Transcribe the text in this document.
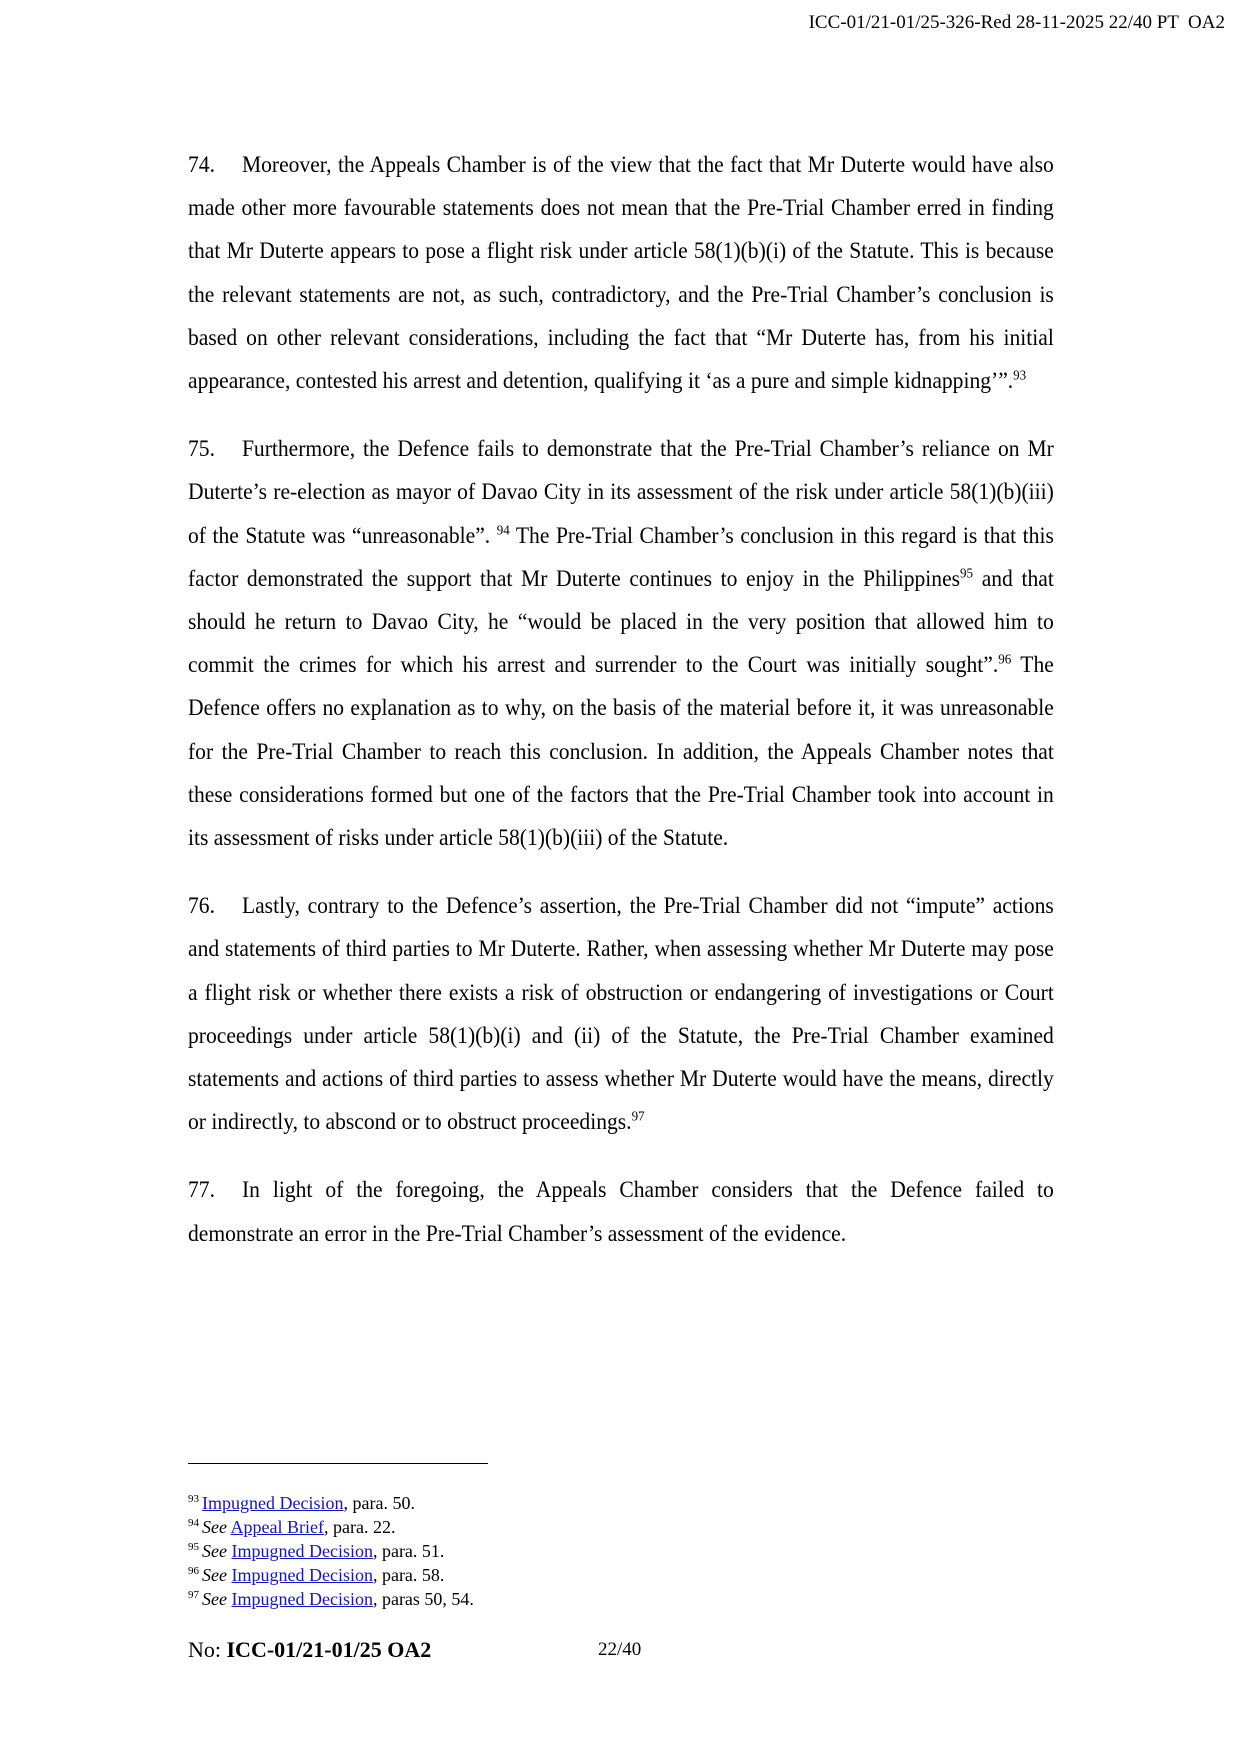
ICC-01/21-01/25-326-Red 28-11-2025 22/40 PT  OA2

74. Moreover, the Appeals Chamber is of the view that the fact that Mr Duterte would have also made other more favourable statements does not mean that the Pre-Trial Chamber erred in finding that Mr Duterte appears to pose a flight risk under article 58(1)(b)(i) of the Statute. This is because the relevant statements are not, as such, contradictory, and the Pre-Trial Chamber’s conclusion is based on other relevant considerations, including the fact that “Mr Duterte has, from his initial appearance, contested his arrest and detention, qualifying it ‘as a pure and simple kidnapping’”.$^{93}$

75. Furthermore, the Defence fails to demonstrate that the Pre-Trial Chamber’s reliance on Mr Duterte’s re-election as mayor of Davao City in its assessment of the risk under article 58(1)(b)(iii) of the Statute was “unreasonable”. $^{94}$ The Pre-Trial Chamber’s conclusion in this regard is that this factor demonstrated the support that Mr Duterte continues to enjoy in the Philippines$^{95}$ and that should he return to Davao City, he “would be placed in the very position that allowed him to commit the crimes for which his arrest and surrender to the Court was initially sought”.$^{96}$ The Defence offers no explanation as to why, on the basis of the material before it, it was unreasonable for the Pre-Trial Chamber to reach this conclusion. In addition, the Appeals Chamber notes that these considerations formed but one of the factors that the Pre-Trial Chamber took into account in its assessment of risks under article 58(1)(b)(iii) of the Statute.

76. Lastly, contrary to the Defence’s assertion, the Pre-Trial Chamber did not “impute” actions and statements of third parties to Mr Duterte. Rather, when assessing whether Mr Duterte may pose a flight risk or whether there exists a risk of obstruction or endangering of investigations or Court proceedings under article 58(1)(b)(i) and (ii) of the Statute, the Pre-Trial Chamber examined statements and actions of third parties to assess whether Mr Duterte would have the means, directly or indirectly, to abscond or to obstruct proceedings.$^{97}$

77. In light of the foregoing, the Appeals Chamber considers that the Defence failed to demonstrate an error in the Pre-Trial Chamber’s assessment of the evidence.

$^{93}$ Impugned Decision, para. 50.
$^{94}$ See Appeal Brief, para. 22.
$^{95}$ See Impugned Decision, para. 51.
$^{96}$ See Impugned Decision, para. 58.
$^{97}$ See Impugned Decision, paras 50, 54.
No: ICC-01/21-01/25 OA2	22/40
